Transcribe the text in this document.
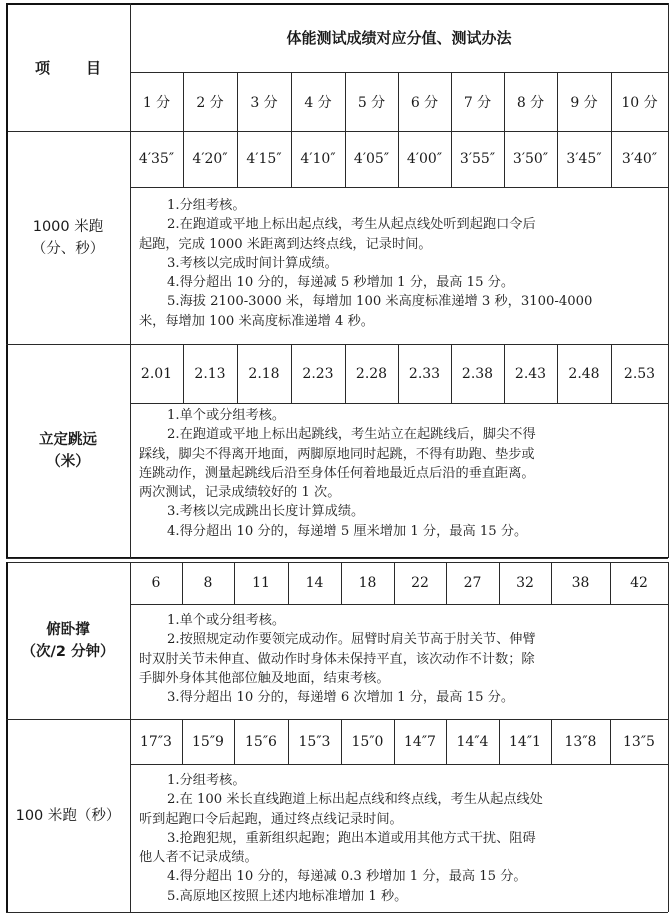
项 目
体能测试成绩对应分值、测试办法
1 分	2 分	3 分	4 分	5 分	6 分	7 分	8 分	9 分	10 分
1000 米跑
（分、秒）
4′35″	4′20″	4′15″	4′10″	4′05″	4′00″	3′55″	3′50″	3′45″	3′40″
1.分组考核。
2.在跑道或平地上标出起点线，考生从起点线处听到起跑口令后
起跑，完成 1000 米距离到达终点线，记录时间。
3.考核以完成时间计算成绩。
4.得分超出 10 分的，每递减 5 秒增加 1 分，最高 15 分。
5.海拔 2100-3000 米，每增加 100 米高度标准递增 3 秒，3100-4000
米，每增加 100 米高度标准递增 4 秒。
立定跳远
（米）
2.01	2.13	2.18	2.23	2.28	2.33	2.38	2.43	2.48	2.53
1.单个或分组考核。
2.在跑道或平地上标出起跳线，考生站立在起跳线后，脚尖不得
踩线，脚尖不得离开地面，两脚原地同时起跳，不得有助跑、垫步或
连跳动作，测量起跳线后沿至身体任何着地最近点后沿的垂直距离。
两次测试，记录成绩较好的 1 次。
3.考核以完成跳出长度计算成绩。
4.得分超出 10 分的，每递增 5 厘米增加 1 分，最高 15 分。
俯卧撑
（次/2 分钟）
6	8	11	14	18	22	27	32	38	42
1.单个或分组考核。
2.按照规定动作要领完成动作。屈臂时肩关节高于肘关节、伸臂
时双肘关节未伸直、做动作时身体未保持平直，该次动作不计数；除
手脚外身体其他部位触及地面，结束考核。
3.得分超出 10 分的，每递增 6 次增加 1 分，最高 15 分。
100 米跑（秒）
17″3	15″9	15″6	15″3	15″0	14″7	14″4	14″1	13″8	13″5
1.分组考核。
2.在 100 米长直线跑道上标出起点线和终点线，考生从起点线处
听到起跑口令后起跑，通过终点线记录时间。
3.抢跑犯规，重新组织起跑；跑出本道或用其他方式干扰、阻碍
他人者不记录成绩。
4.得分超出 10 分的，每递减 0.3 秒增加 1 分，最高 15 分。
5.高原地区按照上述内地标准增加 1 秒。
